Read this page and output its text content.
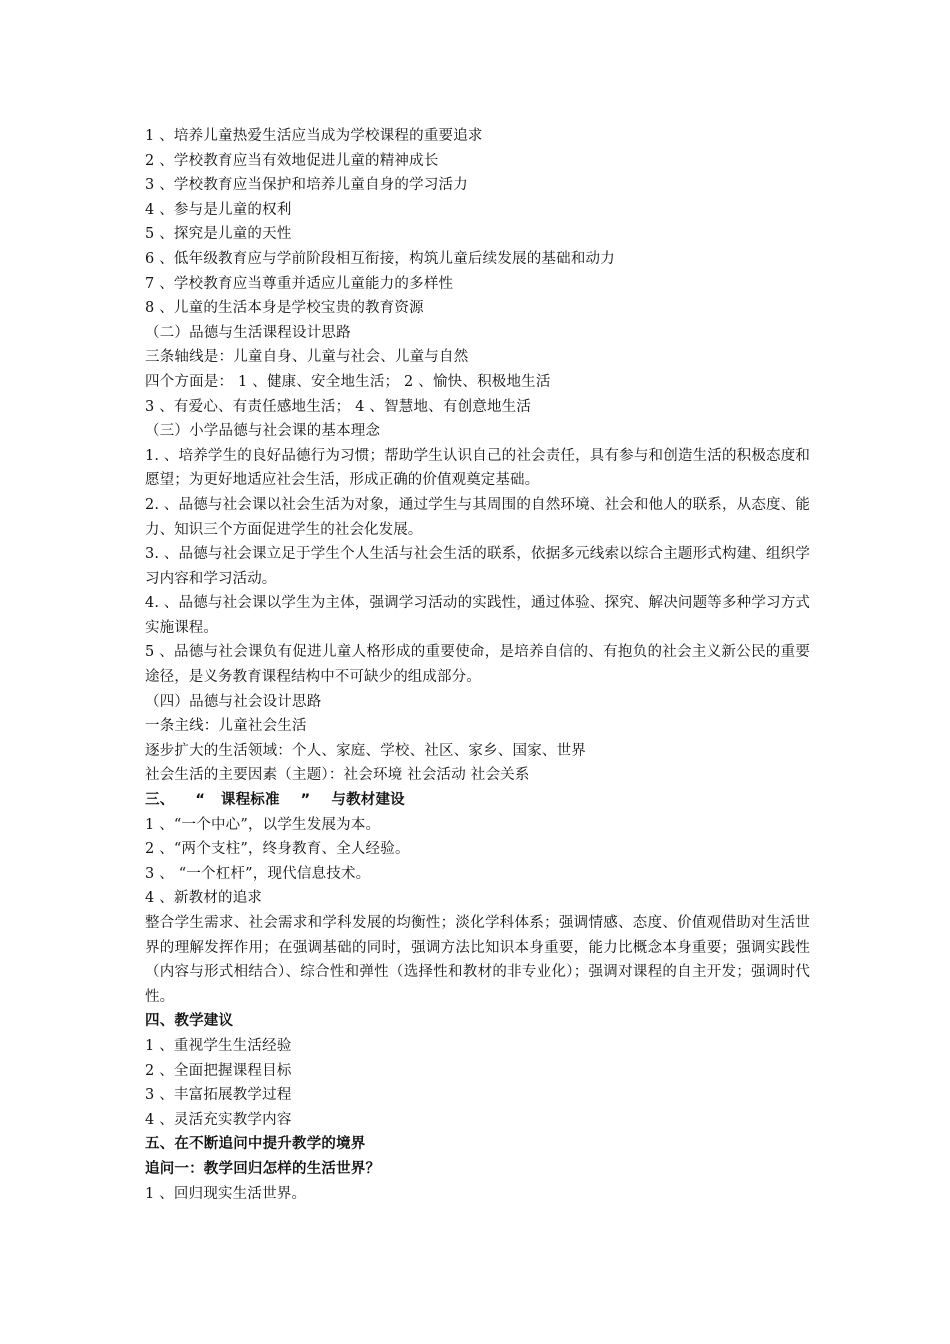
1 、培养儿童热爱生活应当成为学校课程的重要追求

2 、学校教育应当有效地促进儿童的精神成长

3 、学校教育应当保护和培养儿童自身的学习活力

4 、参与是儿童的权利

5 、探究是儿童的天性

6 、低年级教育应与学前阶段相互衔接，构筑儿童后续发展的基础和动力

7 、学校教育应当尊重并适应儿童能力的多样性

8 、儿童的生活本身是学校宝贵的教育资源

（二）品德与生活课程设计思路

三条轴线是：儿童自身、儿童与社会、儿童与自然

四个方面是： 1 、健康、安全地生活； 2 、愉快、积极地生活

3 、有爱心、有责任感地生活； 4 、智慧地、有创意地生活

（三）小学品德与社会课的基本理念

1. 、培养学生的良好品德行为习惯；帮助学生认识自己的社会责任，具有参与和创造生活的积极态度和愿望；为更好地适应社会生活，形成正确的价值观奠定基础。

2. 、品德与社会课以社会生活为对象，通过学生与其周围的自然环境、社会和他人的联系，从态度、能力、知识三个方面促进学生的社会化发展。

3. 、品德与社会课立足于学生个人生活与社会生活的联系，依据多元线索以综合主题形式构建、组织学习内容和学习活动。

4. 、品德与社会课以学生为主体，强调学习活动的实践性，通过体验、探究、解决问题等多种学习方式实施课程。

5 、品德与社会课负有促进儿童人格形成的重要使命，是培养自信的、有抱负的社会主义新公民的重要途径，是义务教育课程结构中不可缺少的组成部分。

（四）品德与社会设计思路

一条主线：儿童社会生活

逐步扩大的生活领域：个人、家庭、学校、社区、家乡、国家、世界

社会生活的主要因素（主题）：社会环境 社会活动 社会关系

三、    “   课程标准    ”    与教材建设

1 、“一个中心”，以学生发展为本。

2 、“两个支柱”，终身教育、全人经验。

3 、 “一个杠杆”，现代信息技术。

4 、新教材的追求

整合学生需求、社会需求和学科发展的均衡性；淡化学科体系；强调情感、态度、价值观借助对生活世界的理解发挥作用；在强调基础的同时，强调方法比知识本身重要，能力比概念本身重要；强调实践性（内容与形式相结合）、综合性和弹性（选择性和教材的非专业化）；强调对课程的自主开发；强调时代性。

四、教学建议

1 、重视学生生活经验

2 、全面把握课程目标

3 、丰富拓展教学过程

4 、灵活充实教学内容

五、在不断追问中提升教学的境界

追问一：教学回归怎样的生活世界？

1 、回归现实生活世界。
